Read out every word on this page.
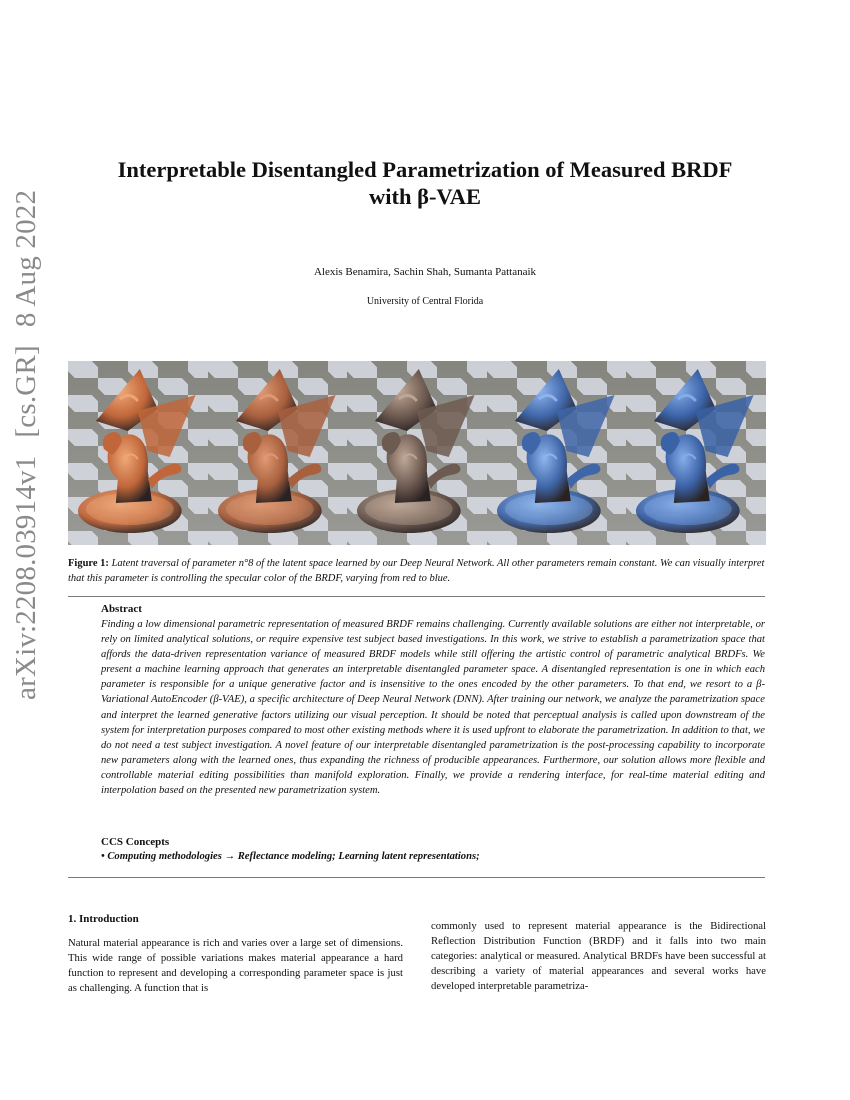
arXiv:2208.03914v1[cs.GR]8 Aug 2022
Interpretable Disentangled Parametrization of Measured BRDF
with β-VAE
Alexis Benamira, Sachin Shah, Sumanta Pattanaik
University of Central Florida
Figure 1: Latent traversal of parameter n°8 of the latent space learned by our Deep Neural Network. All other parameters remain constant. We can visually interpret that this parameter is controlling the specular color of the BRDF, varying from red to blue.
Abstract
Finding a low dimensional parametric representation of measured BRDF remains challenging. Currently available solutions are either not interpretable, or rely on limited analytical solutions, or require expensive test subject based investigations. In this work, we strive to establish a parametrization space that affords the data-driven representation variance of measured BRDF models while still offering the artistic control of parametric analytical BRDFs. We present a machine learning approach that generates an interpretable disentangled parameter space. A disentangled representation is one in which each parameter is responsible for a unique generative factor and is insensitive to the ones encoded by the other parameters. To that end, we resort to a β-Variational AutoEncoder (β-VAE), a specific architecture of Deep Neural Network (DNN). After training our network, we analyze the parametrization space and interpret the learned generative factors utilizing our visual perception. It should be noted that perceptual analysis is called upon downstream of the system for interpretation purposes compared to most other existing methods where it is used upfront to elaborate the parametrization. In addition to that, we do not need a test subject investigation. A novel feature of our interpretable disentangled parametrization is the post-processing capability to incorporate new parameters along with the learned ones, thus expanding the richness of producible appearances. Furthermore, our solution allows more flexible and controllable material editing possibilities than manifold exploration. Finally, we provide a rendering interface, for real-time material editing and interpolation based on the presented new parametrization system.
CCS Concepts
• Computing methodologies → Reflectance modeling; Learning latent representations;
1. Introduction
Natural material appearance is rich and varies over a large set of dimensions. This wide range of possible variations makes material appearance a hard function to represent and developing a corresponding parameter space is just as challenging. A function that is
commonly used to represent material appearance is the Bidirectional Reflection Distribution Function (BRDF) and it falls into two main categories: analytical or measured. Analytical BRDFs have been successful at describing a variety of material appearances and several works have developed interpretable parametriza-
